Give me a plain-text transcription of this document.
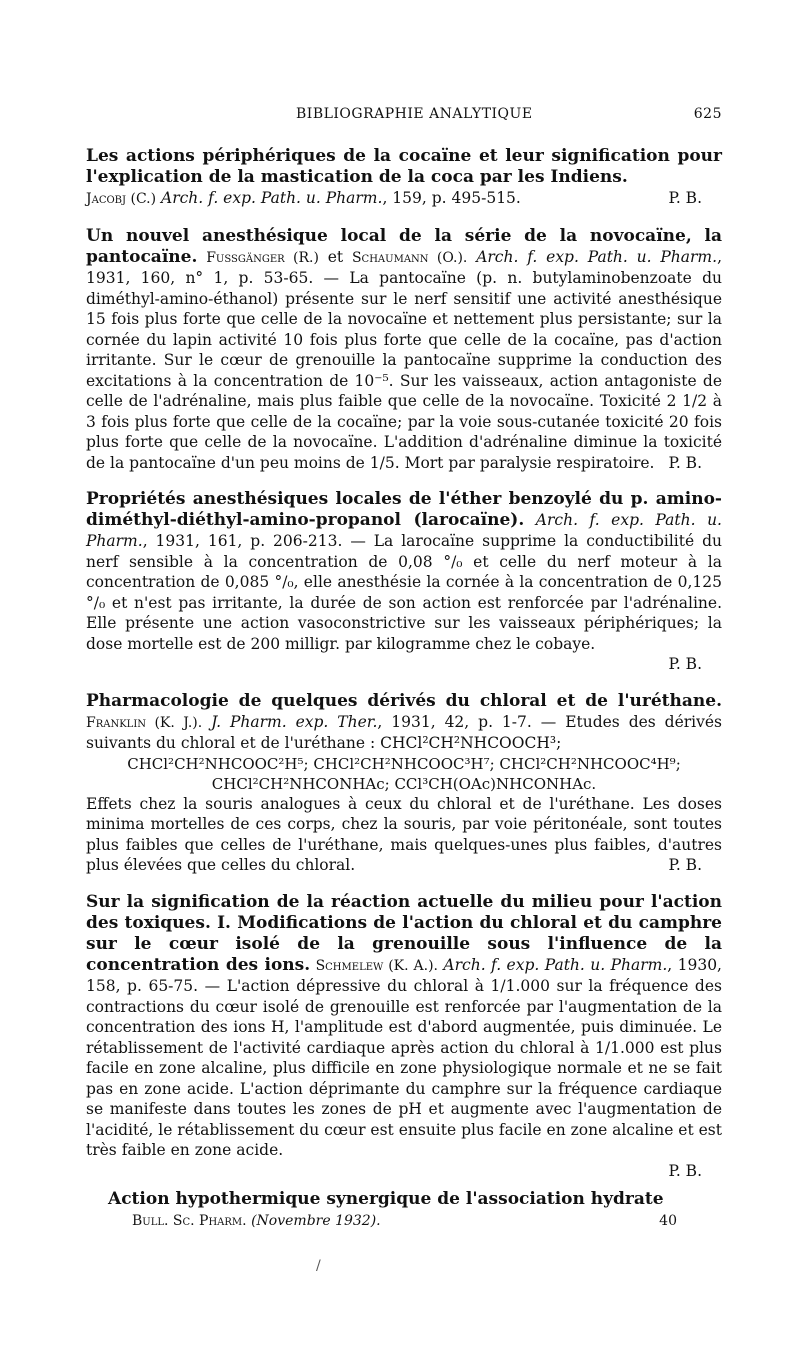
BIBLIOGRAPHIE ANALYTIQUE	625

Les actions périphériques de la cocaïne et leur signification pour l'explication de la mastication de la coca par les Indiens.

Jacobj (C.) Arch. f. exp. Path. u. Pharm., 159, p. 495-515.	P. B.

Un nouvel anesthésique local de la série de la novocaïne, la pantocaïne. Fussgänger (R.) et Schaumann (O.). Arch. f. exp. Path. u. Pharm., 1931, 160, n° 1, p. 53-65. — La pantocaïne (p. n. butylaminobenzoate du diméthyl-amino-éthanol) présente sur le nerf sensitif une activité anesthésique 15 fois plus forte que celle de la novocaïne et nettement plus persistante; sur la cornée du lapin activité 10 fois plus forte que celle de la cocaïne, pas d'action irritante. Sur le cœur de grenouille la pantocaïne supprime la conduction des excitations à la concentration de 10⁻⁵. Sur les vaisseaux, action antagoniste de celle de l'adrénaline, mais plus faible que celle de la novocaïne. Toxicité 2 1/2 à 3 fois plus forte que celle de la cocaïne; par la voie sous-cutanée toxicité 20 fois plus forte que celle de la novocaïne. L'addition d'adrénaline diminue la toxicité de la pantocaïne d'un peu moins de 1/5. Mort par paralysie respiratoire. P. B.

Propriétés anesthésiques locales de l'éther benzoylé du p. amino-diméthyl-diéthyl-amino-propanol (larocaïne). Arch. f. exp. Path. u. Pharm., 1931, 161, p. 206-213. — La larocaïne supprime la conductibilité du nerf sensible à la concentration de 0,08 °/₀ et celle du nerf moteur à la concentration de 0,085 °/₀, elle anesthésie la cornée à la concentration de 0,125 °/₀ et n'est pas irritante, la durée de son action est renforcée par l'adrénaline. Elle présente une action vasoconstrictive sur les vaisseaux périphériques; la dose mortelle est de 200 milligr. par kilogramme chez le cobaye.

P. B.

Pharmacologie de quelques dérivés du chloral et de l'uréthane. Franklin (K. J.). J. Pharm. exp. Ther., 1931, 42, p. 1-7. — Etudes des dérivés suivants du chloral et de l'uréthane : CHCl²CH²NHCOOCH³;

CHCl²CH²NHCOOC²H⁵; CHCl²CH²NHCOOC³H⁷; CHCl²CH²NHCOOC⁴H⁹;

CHCl²CH²NHCONHAc; CCl³CH(OAc)NHCONHAc.

Effets chez la souris analogues à ceux du chloral et de l'uréthane. Les doses minima mortelles de ces corps, chez la souris, par voie péritonéale, sont toutes plus faibles que celles de l'uréthane, mais quelques-unes plus faibles, d'autres plus élevées que celles du chloral.	P. B.

Sur la signification de la réaction actuelle du milieu pour l'action des toxiques. I. Modifications de l'action du chloral et du camphre sur le cœur isolé de la grenouille sous l'influence de la concentration des ions. Schmelew (K. A.). Arch. f. exp. Path. u. Pharm., 1930, 158, p. 65-75. — L'action dépressive du chloral à 1/1.000 sur la fréquence des contractions du cœur isolé de grenouille est renforcée par l'augmentation de la concentration des ions H, l'amplitude est d'abord augmentée, puis diminuée. Le rétablissement de l'activité cardiaque après action du chloral à 1/1.000 est plus facile en zone alcaline, plus difficile en zone physiologique normale et ne se fait pas en zone acide. L'action déprimante du camphre sur la fréquence cardiaque se manifeste dans toutes les zones de pH et augmente avec l'augmentation de l'acidité, le rétablissement du cœur est ensuite plus facile en zone alcaline et est très faible en zone acide.

P. B.

Action hypothermique synergique de l'association hydrate

Bull. Sc. Pharm. (Novembre 1932).	40
/
